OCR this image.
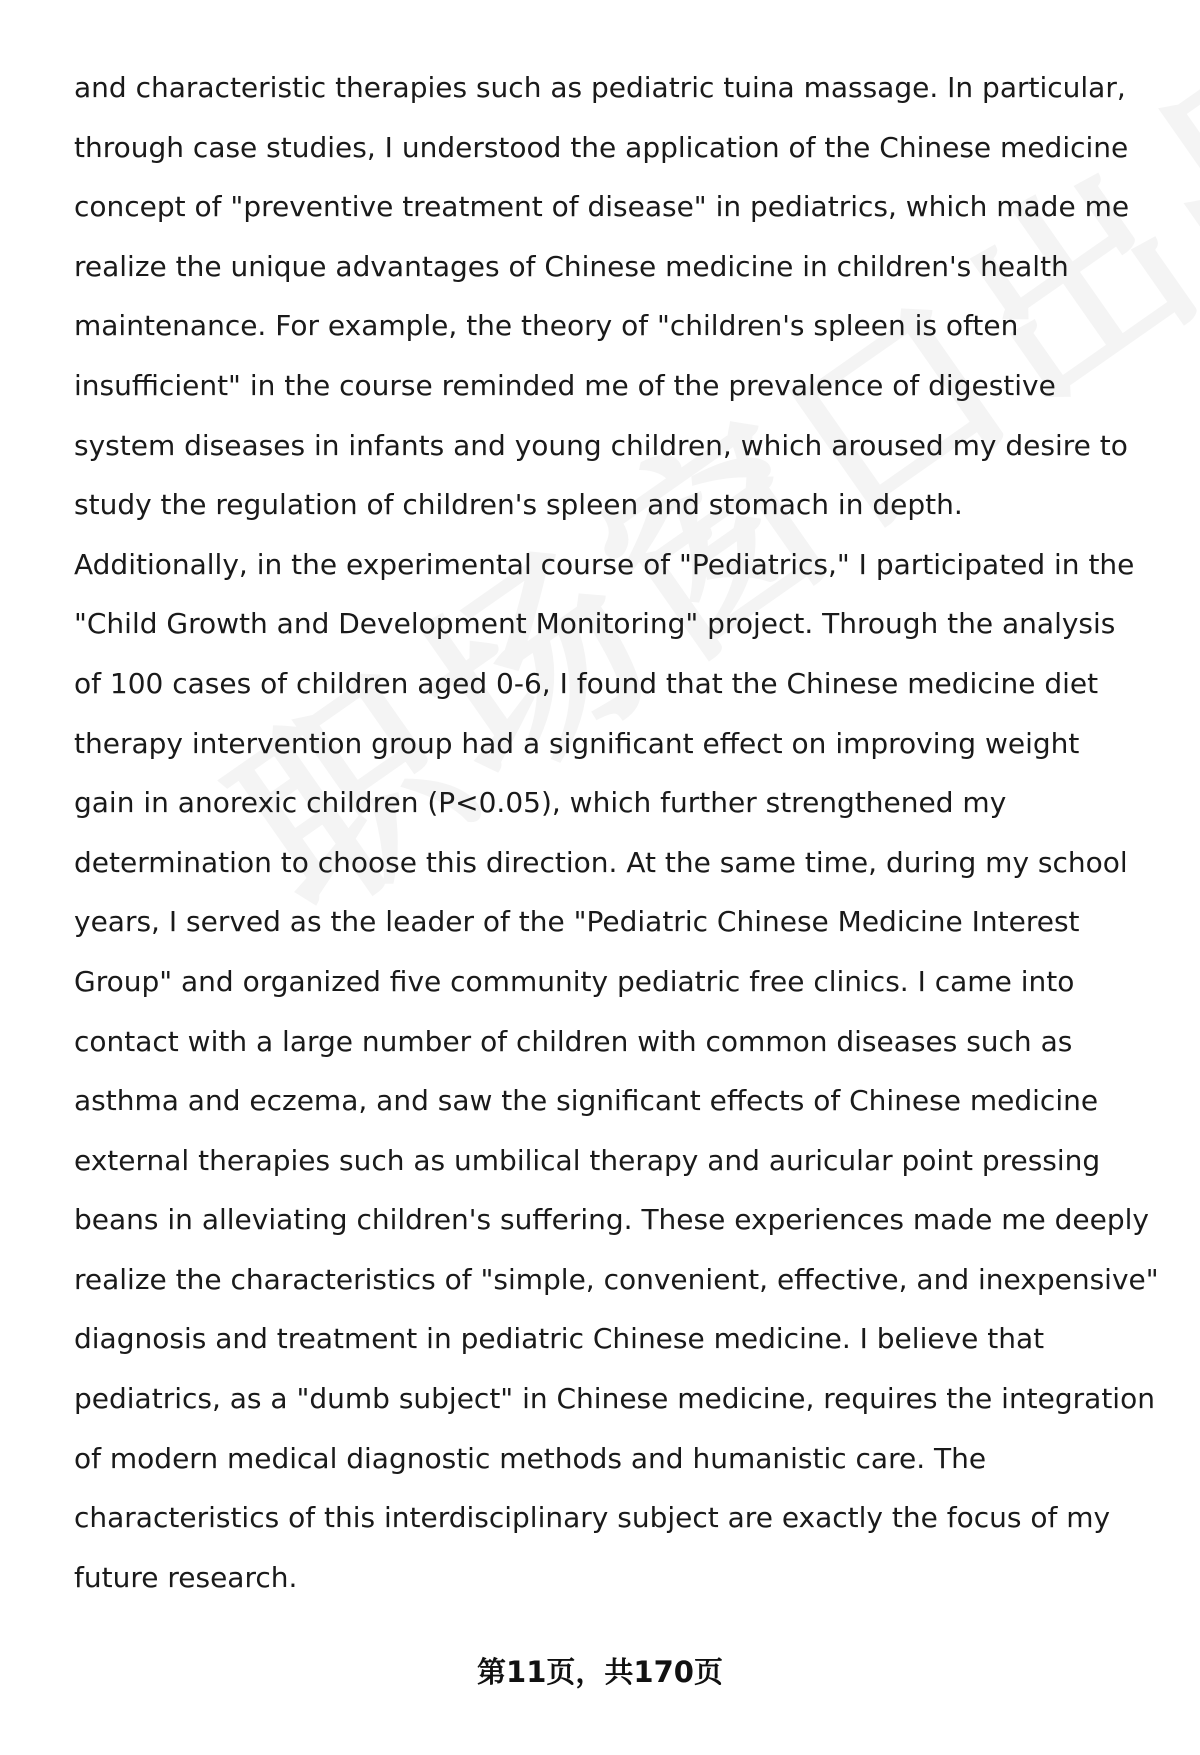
and characteristic therapies such as pediatric tuina massage. In particular,
through case studies, I understood the application of the Chinese medicine
concept of "preventive treatment of disease" in pediatrics, which made me
realize the unique advantages of Chinese medicine in children's health
maintenance. For example, the theory of "children's spleen is often
insufficient" in the course reminded me of the prevalence of digestive
system diseases in infants and young children, which aroused my desire to
study the regulation of children's spleen and stomach in depth.
Additionally, in the experimental course of "Pediatrics," I participated in the
"Child Growth and Development Monitoring" project. Through the analysis
of 100 cases of children aged 0-6, I found that the Chinese medicine diet
therapy intervention group had a significant effect on improving weight
gain in anorexic children (P<0.05), which further strengthened my
determination to choose this direction. At the same time, during my school
years, I served as the leader of the "Pediatric Chinese Medicine Interest
Group" and organized five community pediatric free clinics. I came into
contact with a large number of children with common diseases such as
asthma and eczema, and saw the significant effects of Chinese medicine
external therapies such as umbilical therapy and auricular point pressing
beans in alleviating children's suffering. These experiences made me deeply
realize the characteristics of "simple, convenient, effective, and inexpensive"
diagnosis and treatment in pediatric Chinese medicine. I believe that
pediatrics, as a "dumb subject" in Chinese medicine, requires the integration
of modern medical diagnostic methods and humanistic care. The
characteristics of this interdisciplinary subject are exactly the focus of my
future research.
第11页，共170页
